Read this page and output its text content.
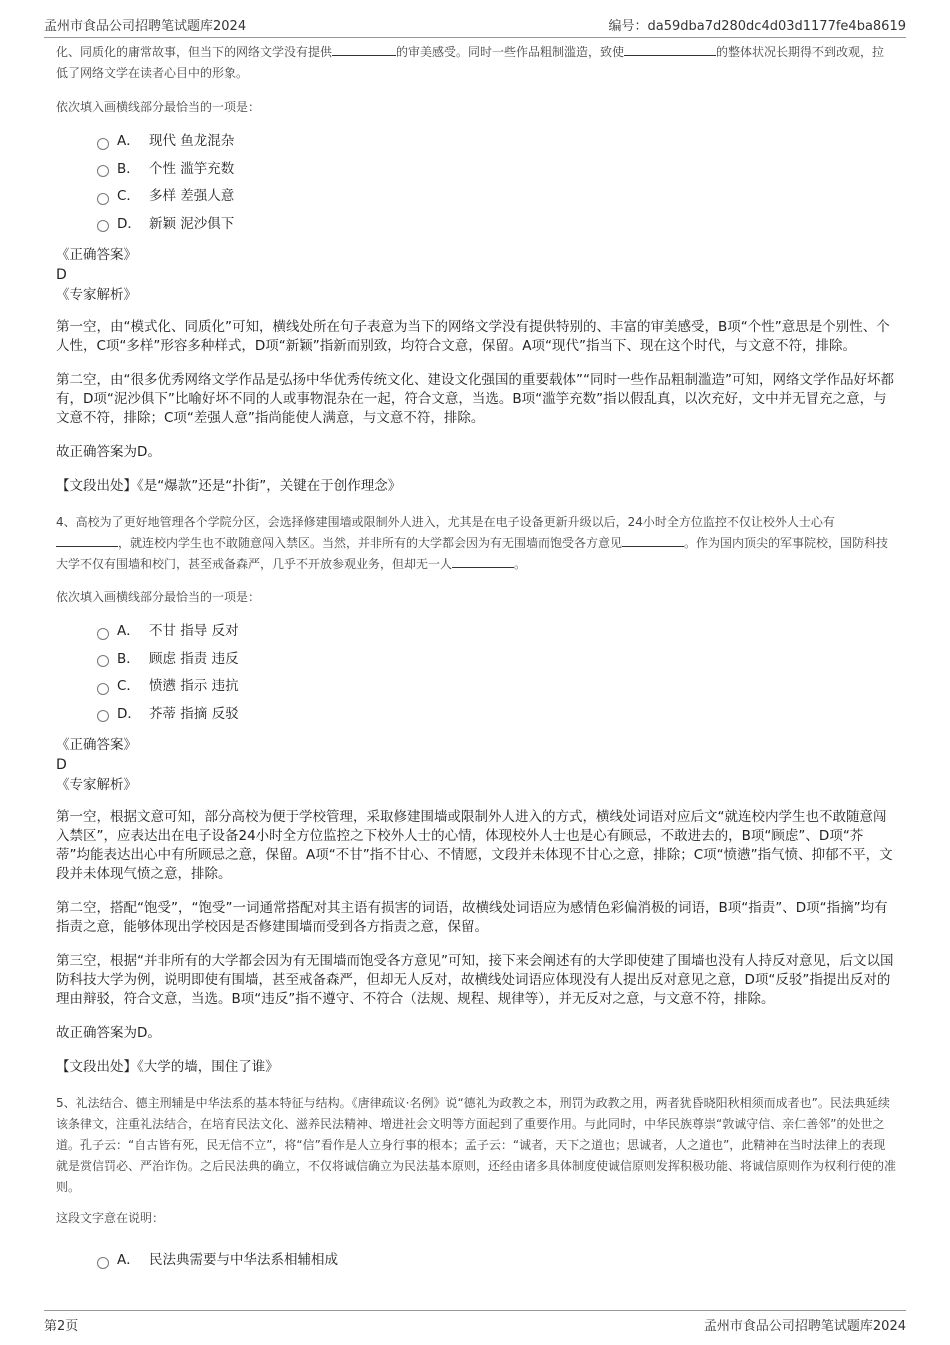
孟州市食品公司招聘笔试题库2024	编号：da59dba7d280dc4d03d1177fe4ba8619

化、同质化的庸常故事，但当下的网络文学没有提供	的审美感受。同时一些作品粗制滥造，致使	的整体状况长期得不到改观，拉低了网络文学在读者心目中的形象。

依次填入画横线部分最恰当的一项是：

A． 现代 鱼龙混杂
B． 个性 滥竽充数
C． 多样 差强人意
D． 新颖 泥沙俱下

《正确答案》

D

《专家解析》

第一空，由“模式化、同质化”可知，横线处所在句子表意为当下的网络文学没有提供特别的、丰富的审美感受，B项“个性”意思是个别性、个人性，C项“多样”形容多种样式，D项“新颖”指新而别致，均符合文意，保留。A项“现代”指当下、现在这个时代，与文意不符，排除。

第二空，由“很多优秀网络文学作品是弘扬中华优秀传统文化、建设文化强国的重要载体”“同时一些作品粗制滥造”可知，网络文学作品好坏都有，D项“泥沙俱下”比喻好坏不同的人或事物混杂在一起，符合文意，当选。B项“滥竽充数”指以假乱真，以次充好，文中并无冒充之意，与文意不符，排除；C项“差强人意”指尚能使人满意，与文意不符，排除。

故正确答案为D。

【文段出处】《是“爆款”还是“扑街”，关键在于创作理念》

4、高校为了更好地管理各个学院分区，会选择修建围墙或限制外人进入，尤其是在电子设备更新升级以后，24小时全方位监控不仅让校外人士心有，就连校内学生也不敢随意闯入禁区。当然，并非所有的大学都会因为有无围墙而饱受各方意见	。作为国内顶尖的军事院校，国防科技大学不仅有围墙和校门，甚至戒备森严，几乎不开放参观业务，但却无一人	。

依次填入画横线部分最恰当的一项是：

A． 不甘 指导 反对
B． 顾虑 指责 违反
C． 愤懑 指示 违抗
D． 芥蒂 指摘 反驳

《正确答案》

D

《专家解析》

第一空，根据文意可知，部分高校为便于学校管理，采取修建围墙或限制外人进入的方式，横线处词语对应后文“就连校内学生也不敢随意闯入禁区”，应表达出在电子设备24小时全方位监控之下校外人士的心情，体现校外人士也是心有顾忌，不敢进去的，B项“顾虑”、D项“芥蒂”均能表达出心中有所顾忌之意，保留。A项“不甘”指不甘心、不情愿，文段并未体现不甘心之意，排除；C项“愤懑”指气愤、抑郁不平，文段并未体现气愤之意，排除。

第二空，搭配“饱受”，“饱受”一词通常搭配对其主语有损害的词语，故横线处词语应为感情色彩偏消极的词语，B项“指责”、D项“指摘”均有指责之意，能够体现出学校因是否修建围墙而受到各方指责之意，保留。

第三空，根据“并非所有的大学都会因为有无围墙而饱受各方意见”可知，接下来会阐述有的大学即使建了围墙也没有人持反对意见，后文以国防科技大学为例，说明即使有围墙，甚至戒备森严，但却无人反对，故横线处词语应体现没有人提出反对意见之意，D项“反驳”指提出反对的理由辩驳，符合文意，当选。B项“违反”指不遵守、不符合（法规、规程、规律等），并无反对之意，与文意不符，排除。

故正确答案为D。

【文段出处】《大学的墙，围住了谁》

5、礼法结合、德主刑辅是中华法系的基本特征与结构。《唐律疏议·名例》说“德礼为政教之本，刑罚为政教之用，两者犹昏晓阳秋相须而成者也”。民法典延续该条律文，注重礼法结合，在培育民法文化、滋养民法精神、增进社会文明等方面起到了重要作用。与此同时，中华民族尊崇“敦诚守信、亲仁善邻”的处世之道。孔子云：“自古皆有死，民无信不立”，将“信”看作是人立身行事的根本；孟子云：“诚者，天下之道也；思诚者，人之道也”，此精神在当时法律上的表现就是赏信罚必、严治诈伪。之后民法典的确立，不仅将诚信确立为民法基本原则，还经由诸多具体制度使诚信原则发挥积极功能、将诚信原则作为权利行使的准则。

这段文字意在说明：

A． 民法典需要与中华法系相辅相成
第2页	孟州市食品公司招聘笔试题库2024
